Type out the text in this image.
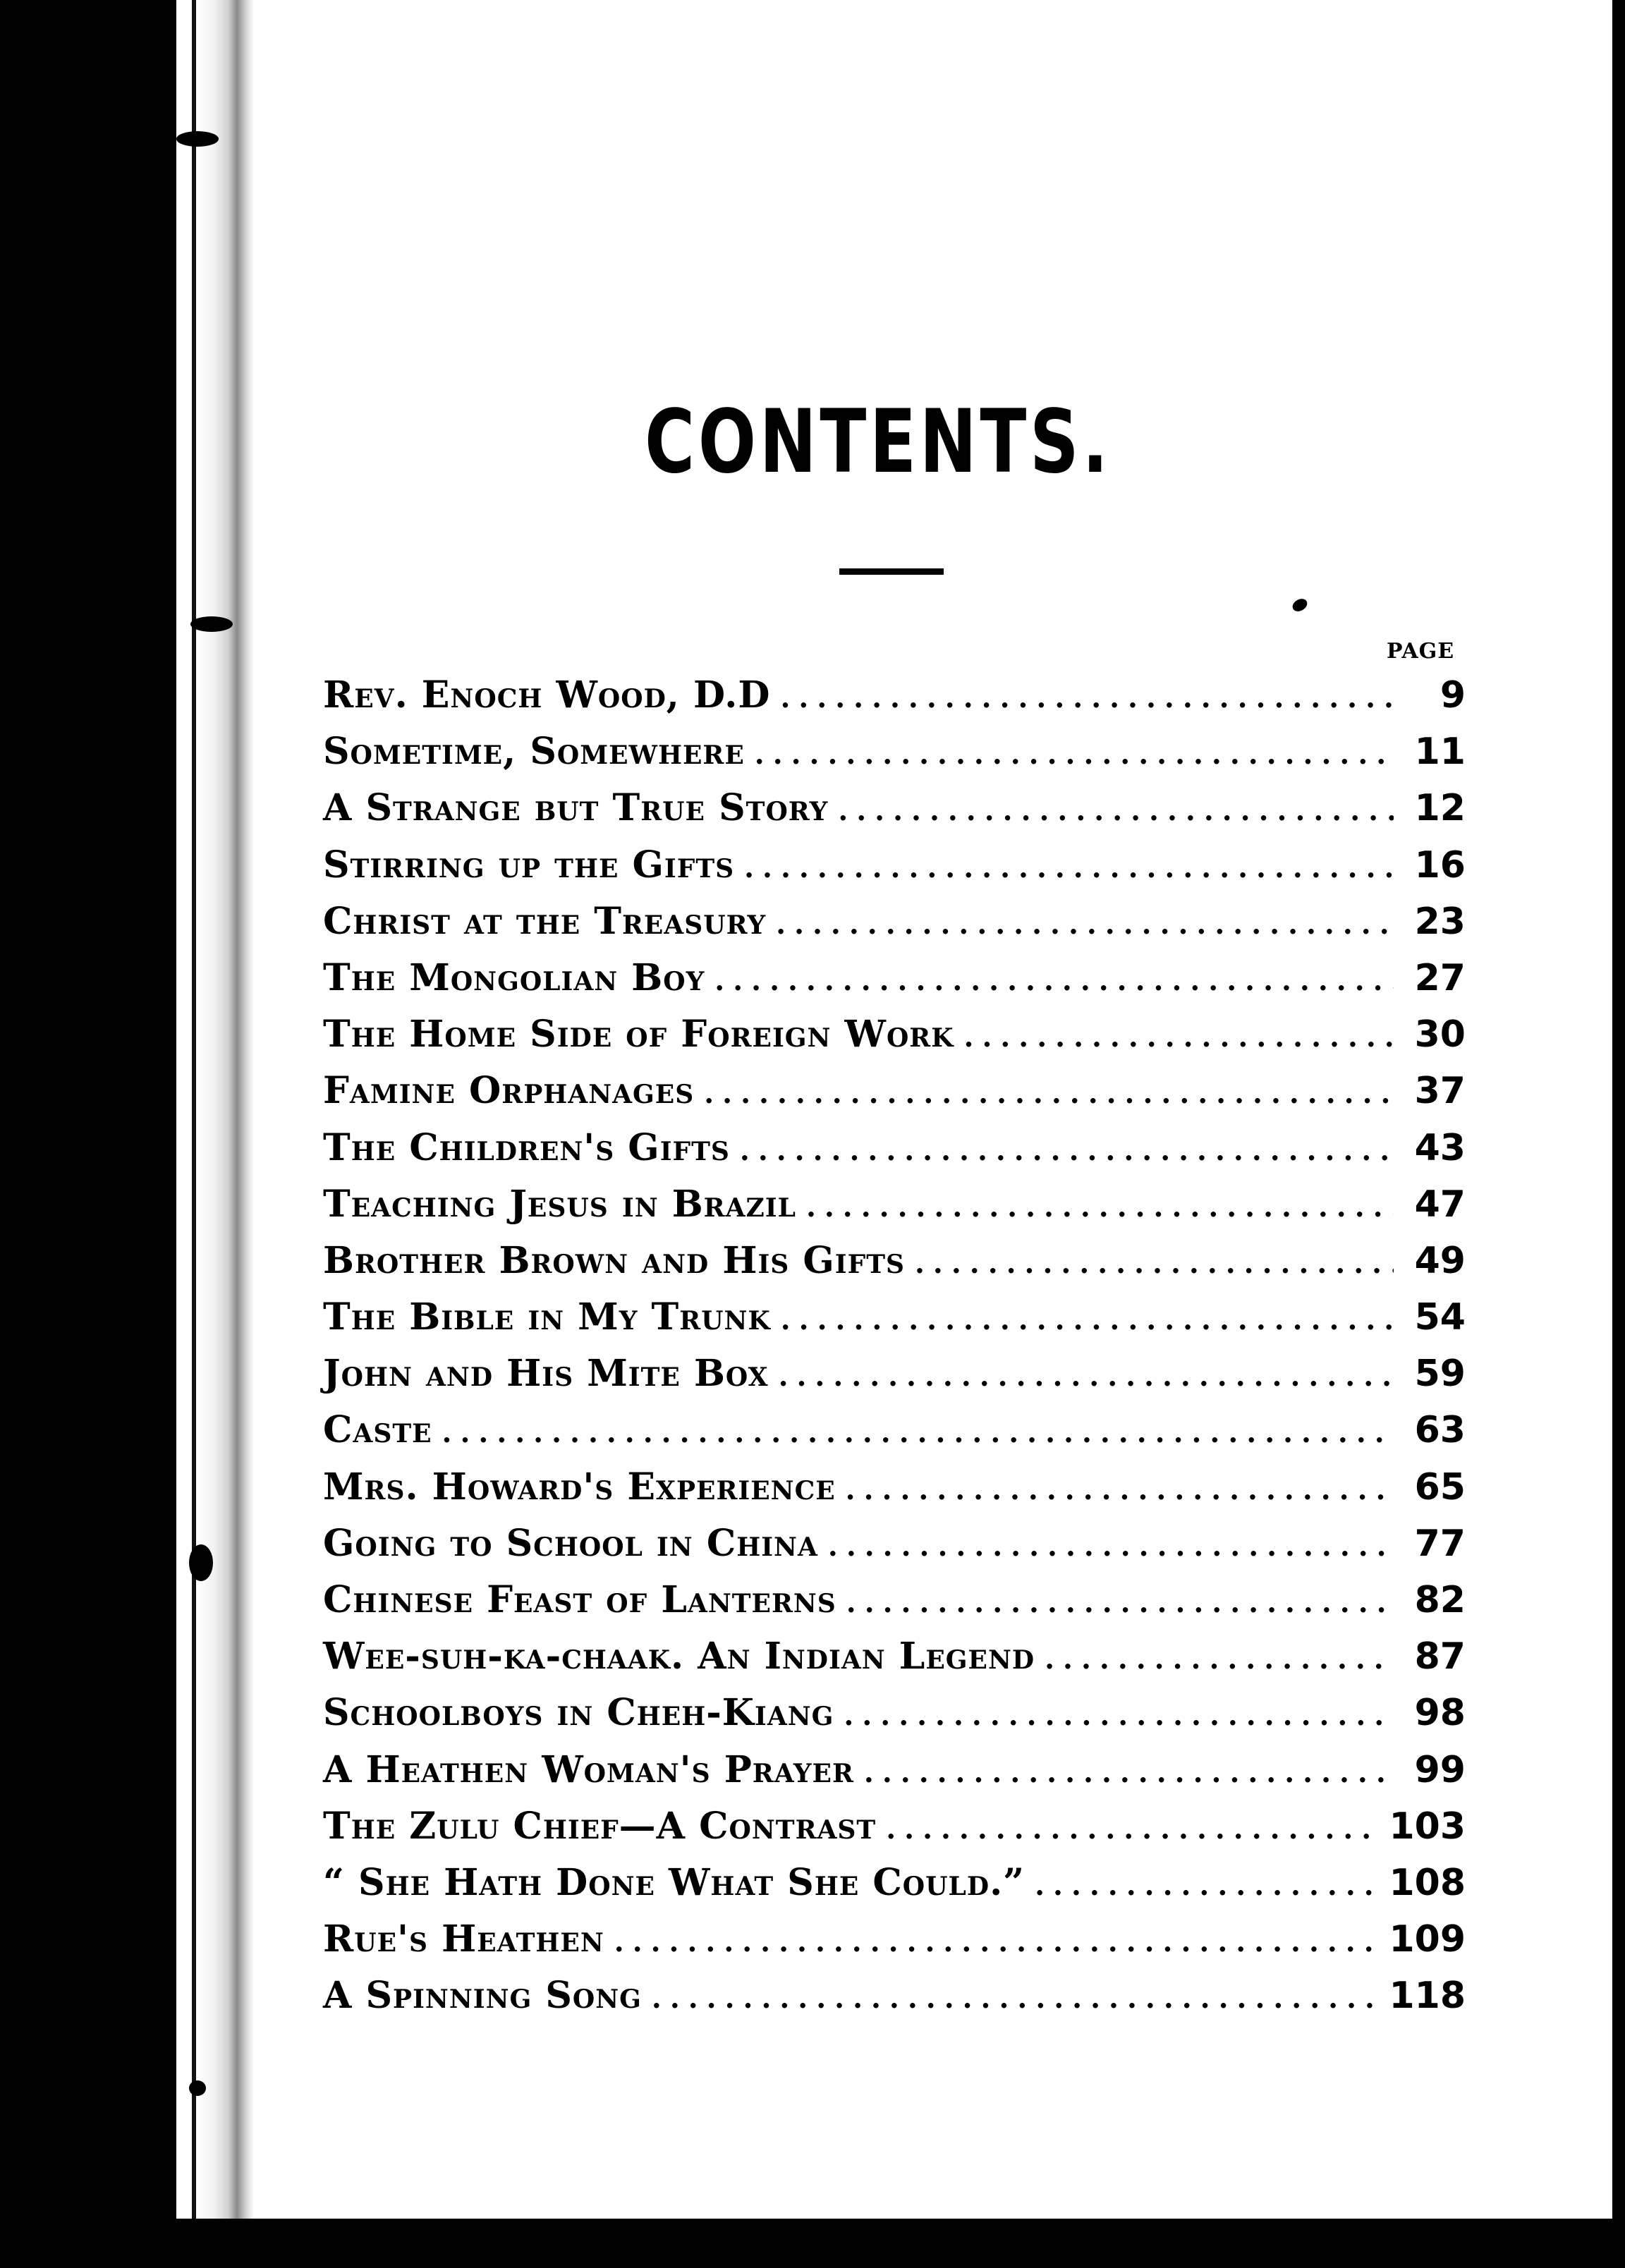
CONTENTS.
PAGE
Rev. Enoch Wood, D.D .....	9
Sometime, Somewhere .....	11
A Strange but True Story .....	12
Stirring up the Gifts .....	16
Christ at the Treasury .....	23
The Mongolian Boy .....	27
The Home Side of Foreign Work .....	30
Famine Orphanages .....	37
The Children's Gifts .....	43
Teaching Jesus in Brazil .....	47
Brother Brown and His Gifts .....	49
The Bible in My Trunk .....	54
John and His Mite Box .....	59
Caste .....	63
Mrs. Howard's Experience .....	65
Going to School in China .....	77
Chinese Feast of Lanterns .....	82
Wee-suh-ka-chaak. An Indian Legend .....	87
Schoolboys in Cheh-Kiang .....	98
A Heathen Woman's Prayer .....	99
The Zulu Chief—A Contrast .....	103
“ She Hath Done What She Could.” .....	108
Rue's Heathen .....	109
A Spinning Song .....	118
